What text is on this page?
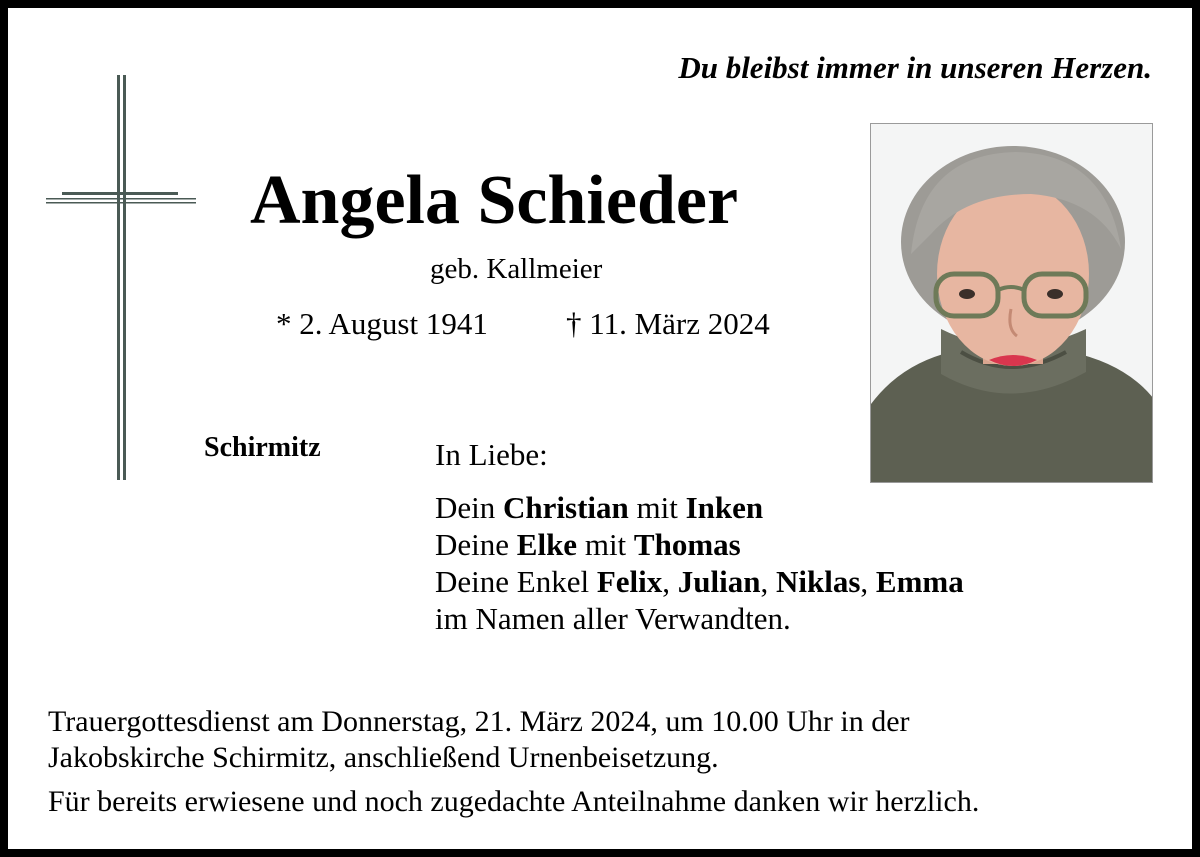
Du bleibst immer in unseren Herzen.
Angela Schieder
geb. Kallmeier
* 2. August 1941	† 11. März 2024
Schirmitz	In Liebe:
Dein Christian mit Inken
Deine Elke mit Thomas
Deine Enkel Felix, Julian, Niklas, Emma
im Namen aller Verwandten.
Trauergottesdienst am Donnerstag, 21. März 2024, um 10.00 Uhr in der
Jakobskirche Schirmitz, anschließend Urnenbeisetzung.
Für bereits erwiesene und noch zugedachte Anteilnahme danken wir herzlich.
